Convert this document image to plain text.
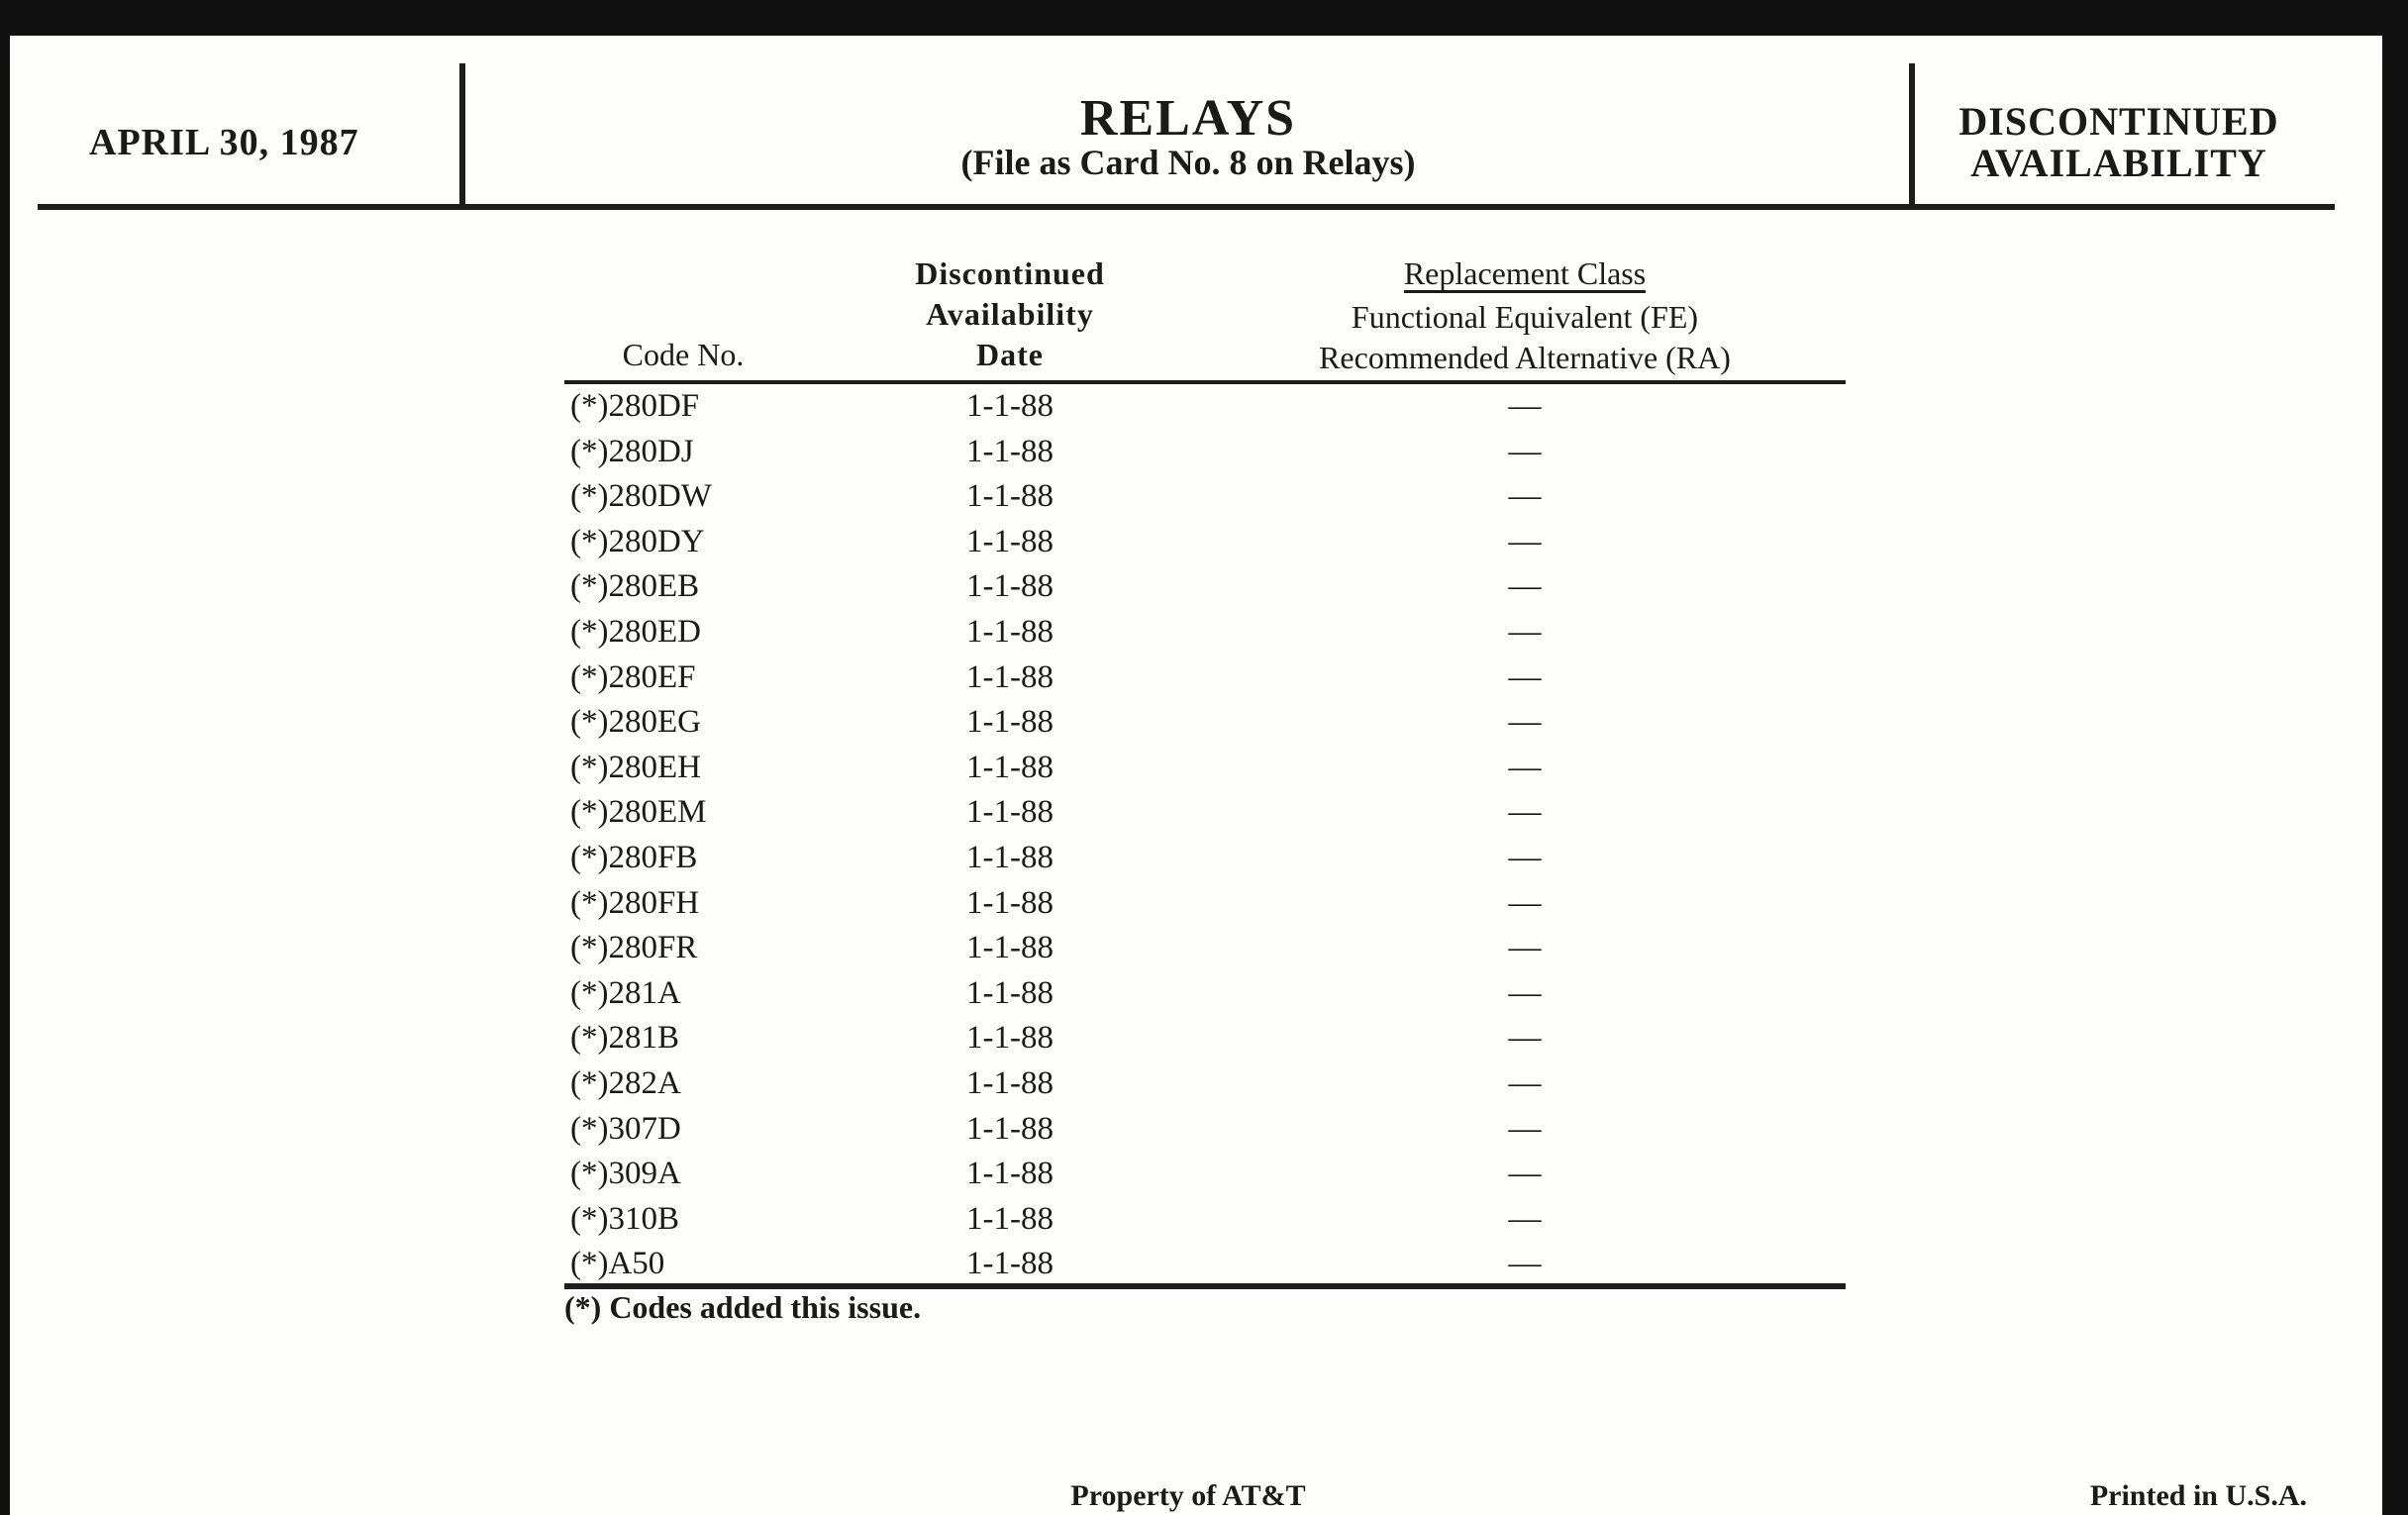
APRIL 30, 1987	RELAYS
(File as Card No. 8 on Relays)
DISCONTINUED
AVAILABILITY
Code No.
Discontinued
Availability
Date
Replacement Class
Functional Equivalent (FE)
Recommended Alternative (RA)
(*)280DF	1-1-88	—
(*)280DJ	1-1-88	—
(*)280DW	1-1-88	—
(*)280DY	1-1-88	—
(*)280EB	1-1-88	—
(*)280ED	1-1-88	—
(*)280EF	1-1-88	—
(*)280EG	1-1-88	—
(*)280EH	1-1-88	—
(*)280EM	1-1-88	—
(*)280FB	1-1-88	—
(*)280FH	1-1-88	—
(*)280FR	1-1-88	—
(*)281A	1-1-88	—
(*)281B	1-1-88	—
(*)282A	1-1-88	—
(*)307D	1-1-88	—
(*)309A	1-1-88	—
(*)310B	1-1-88	—
(*)A50	1-1-88	—
(*) Codes added this issue.
Property of AT&T	Printed in U.S.A.
